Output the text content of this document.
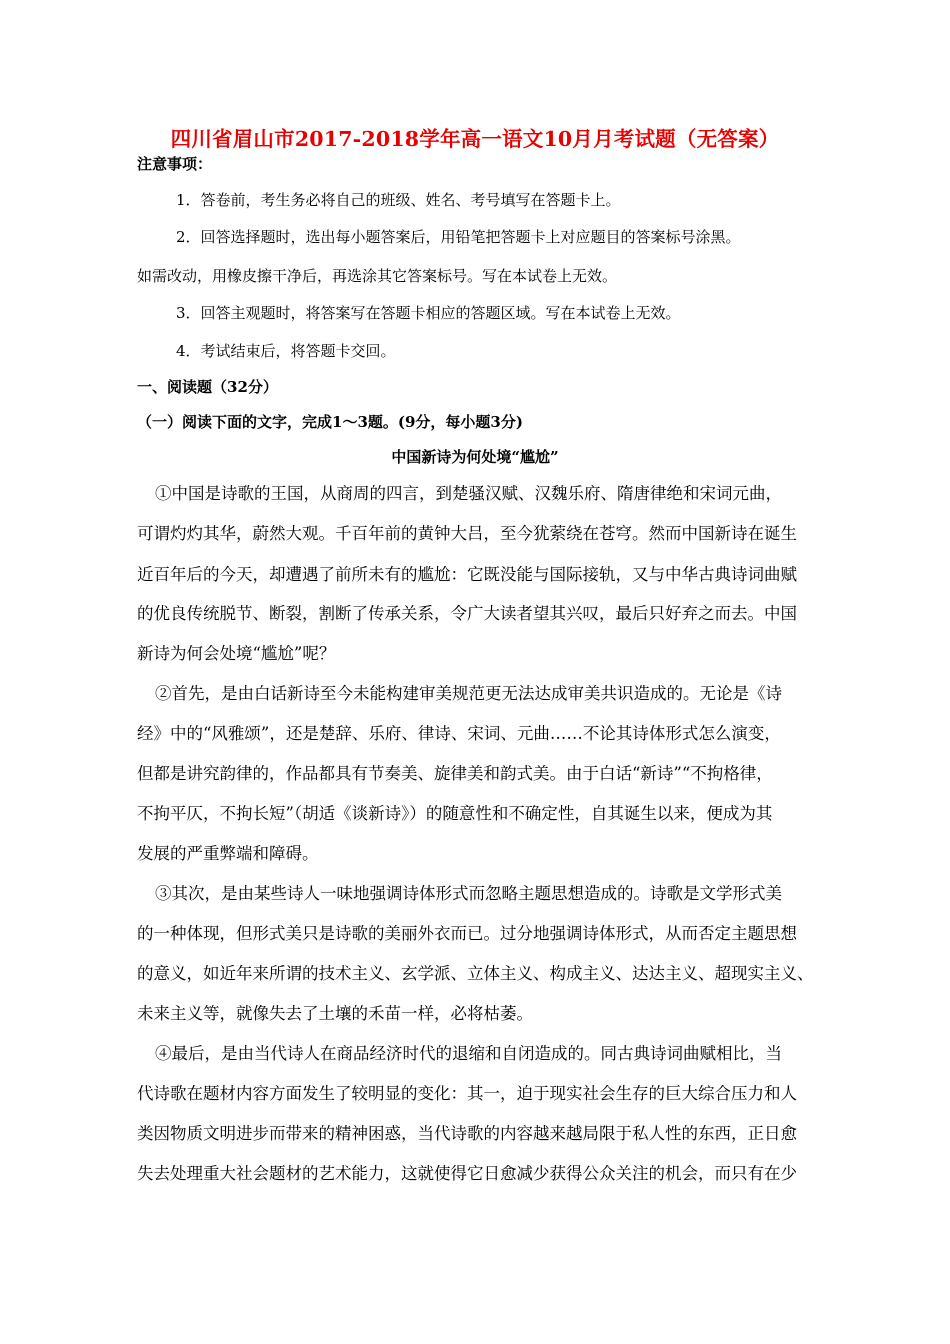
四川省眉山市2017-2018学年高一语文10月月考试题（无答案）
注意事项：
1．答卷前，考生务必将自己的班级、姓名、考号填写在答题卡上。
2．回答选择题时，选出每小题答案后，用铅笔把答题卡上对应题目的答案标号涂黑。
如需改动，用橡皮擦干净后，再选涂其它答案标号。写在本试卷上无效。
3．回答主观题时，将答案写在答题卡相应的答题区域。写在本试卷上无效。
4．考试结束后，将答题卡交回。
一、阅读题（32分）
（一）阅读下面的文字，完成1～3题。(9分，每小题3分)
中国新诗为何处境“尴尬”
①中国是诗歌的王国，从商周的四言，到楚骚汉赋、汉魏乐府、隋唐律绝和宋词元曲，
可谓灼灼其华，蔚然大观。千百年前的黄钟大吕，至今犹萦绕在苍穹。然而中国新诗在诞生
近百年后的今天，却遭遇了前所未有的尴尬：它既没能与国际接轨，又与中华古典诗词曲赋
的优良传统脱节、断裂，割断了传承关系，令广大读者望其兴叹，最后只好弃之而去。中国
新诗为何会处境“尴尬”呢？
②首先，是由白话新诗至今未能构建审美规范更无法达成审美共识造成的。无论是《诗
经》中的“风雅颂”，还是楚辞、乐府、律诗、宋词、元曲……不论其诗体形式怎么演变，
但都是讲究韵律的，作品都具有节奏美、旋律美和韵式美。由于白话“新诗”“不拘格律，
不拘平仄，不拘长短”（胡适《谈新诗》）的随意性和不确定性，自其诞生以来，便成为其
发展的严重弊端和障碍。
③其次，是由某些诗人一味地强调诗体形式而忽略主题思想造成的。诗歌是文学形式美
的一种体现，但形式美只是诗歌的美丽外衣而已。过分地强调诗体形式，从而否定主题思想
的意义，如近年来所谓的技术主义、玄学派、立体主义、构成主义、达达主义、超现实主义、
未来主义等，就像失去了土壤的禾苗一样，必将枯萎。
④最后，是由当代诗人在商品经济时代的退缩和自闭造成的。同古典诗词曲赋相比，当
代诗歌在题材内容方面发生了较明显的变化：其一，迫于现实社会生存的巨大综合压力和人
类因物质文明进步而带来的精神困惑，当代诗歌的内容越来越局限于私人性的东西，正日愈
失去处理重大社会题材的艺术能力，这就使得它日愈减少获得公众关注的机会，而只有在少
